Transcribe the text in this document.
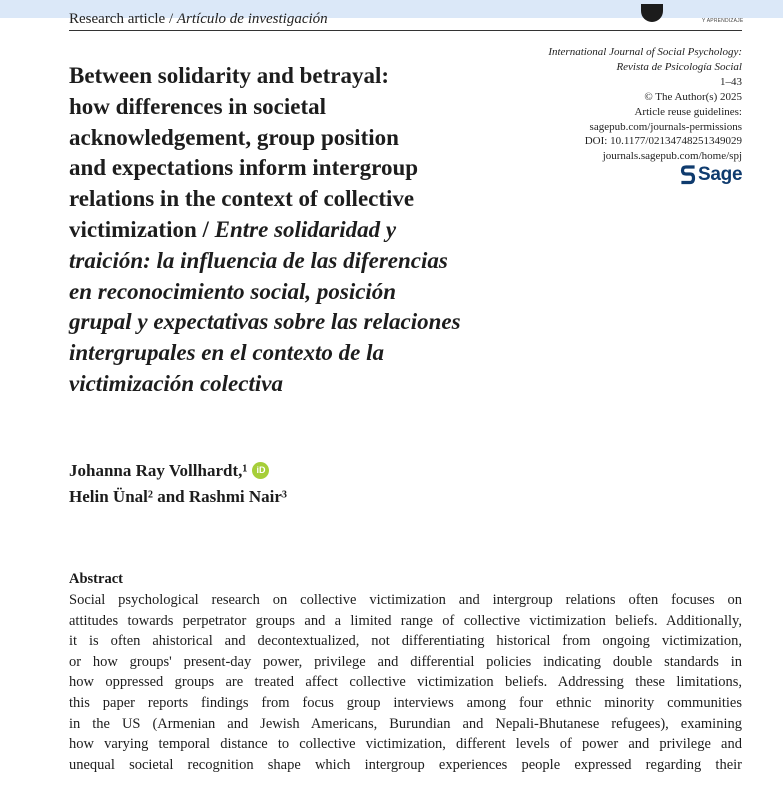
Research article / Artículo de investigación	Y APRENDIZAJE
International Journal of Social Psychology:
Revista de Psicología Social
1–43
© The Author(s) 2025
Article reuse guidelines:
sagepub.com/journals-permissions
DOI: 10.1177/02134748251349029
journals.sagepub.com/home/spj
Sage
Between solidarity and betrayal:
how differences in societal
acknowledgement, group position
and expectations inform intergroup
relations in the context of collective
victimization / Entre solidaridad y
traición: la influencia de las diferencias
en reconocimiento social, posición
grupal y expectativas sobre las relaciones
intergrupales en el contexto de la
victimización colectiva
Johanna Ray Vollhardt,¹ iD
Helin Ünal² and Rashmi Nair³
Abstract
Social psychological research on collective victimization and intergroup relations often focuses on
attitudes towards perpetrator groups and a limited range of collective victimization beliefs. Additionally,
it is often ahistorical and decontextualized, not differentiating historical from ongoing victimization,
or how groups' present-day power, privilege and differential policies indicating double standards in
how oppressed groups are treated affect collective victimization beliefs. Addressing these limitations,
this paper reports findings from focus group interviews among four ethnic minority communities
in the US (Armenian and Jewish Americans, Burundian and Nepali-Bhutanese refugees), examining
how varying temporal distance to collective victimization, different levels of power and privilege and
unequal societal recognition shape which intergroup experiences people expressed regarding their
